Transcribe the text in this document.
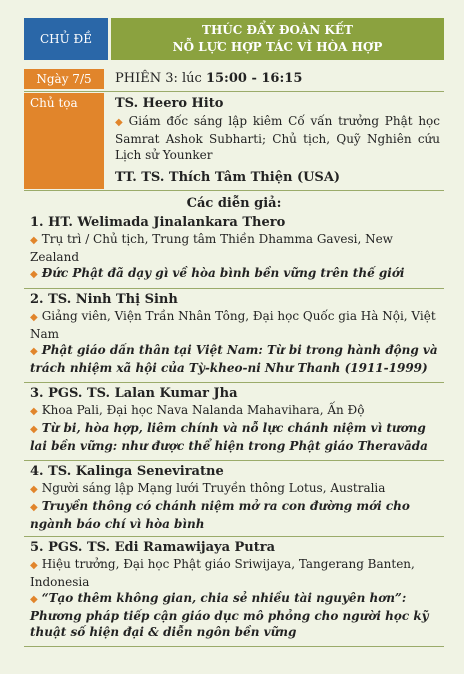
CHỦ ĐỀ
THÚC ĐẨY ĐOÀN KẾT
NỖ LỰC HỢP TÁC VÌ HÒA HỢP
Ngày 7/5	PHIÊN 3: lúc 15:00 - 16:15
Chủ tọa	TS. Heero Hito
◆ Giám đốc sáng lập kiêm Cố vấn trưởng Phật học Samrat Ashok Subharti; Chủ tịch, Quỹ Nghiên cứu Lịch sử Younker
TT. TS. Thích Tâm Thiện (USA)
Các diễn giả:
1. HT. Welimada Jinalankara Thero
◆ Trụ trì / Chủ tịch, Trung tâm Thiền Dhamma Gavesi, New Zealand
◆ Đức Phật đã dạy gì về hòa bình bền vững trên thế giới
2. TS. Ninh Thị Sinh
◆ Giảng viên, Viện Trần Nhân Tông, Đại học Quốc gia Hà Nội, Việt Nam
◆ Phật giáo dấn thân tại Việt Nam: Từ bi trong hành động và trách nhiệm xã hội của Tỳ-kheo-ni Như Thanh (1911-1999)
3. PGS. TS. Lalan Kumar Jha
◆ Khoa Pali, Đại học Nava Nalanda Mahavihara, Ấn Độ
◆ Từ bi, hòa hợp, liêm chính và nỗ lực chánh niệm vì tương lai bền vững: như được thể hiện trong Phật giáo Theravāda
4. TS. Kalinga Seneviratne
◆ Người sáng lập Mạng lưới Truyền thông Lotus, Australia
◆ Truyền thông có chánh niệm mở ra con đường mới cho ngành báo chí vì hòa bình
5. PGS. TS. Edi Ramawijaya Putra
◆ Hiệu trưởng, Đại học Phật giáo Sriwijaya, Tangerang Banten, Indonesia
◆ “Tạo thêm không gian, chia sẻ nhiều tài nguyên hơn”: Phương pháp tiếp cận giáo dục mô phỏng cho người học kỹ thuật số hiện đại & diễn ngôn bền vững
